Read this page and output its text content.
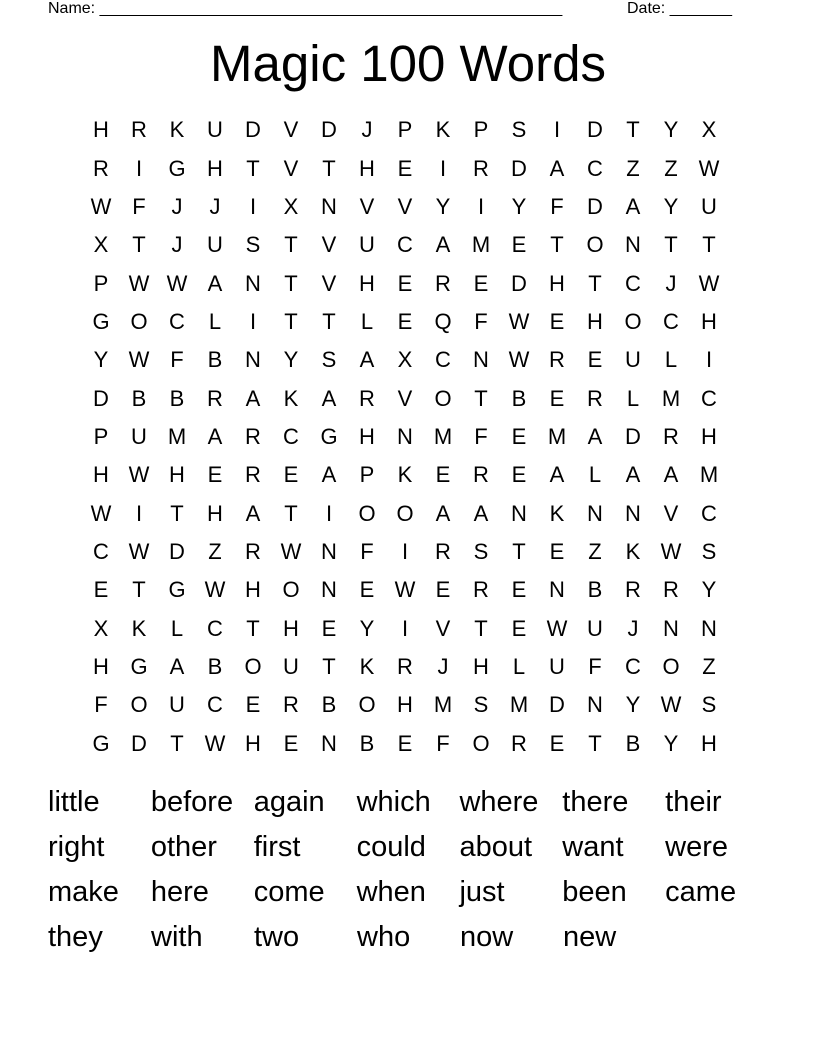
Name: ____________________________________________________	Date: _______
Magic 100 Words
H	R	K	U	D	V	D	J	P	K	P	S	I	D	T	Y	X
R	I	G H	T	V	T	H	E	I	R	D	A	C	Z	Z W
W F	J	J	I	X	N	V	V	Y	I	Y	F	D	A	Y	U
X	T	J	U	S	T	V	U	C	A M E	T	O N	T	T
P W W A	N	T	V	H	E	R	E	D	H	T	C	J	W
G O C	L	I	T	T	L	E	Q	F W E	H O C	H
Y W F	B	N	Y	S	A	X	C	N W R	E	U	L	I
D	B	B	R	A	K	A	R	V	O	T	B	E	R	L	M C
P	U M A	R	C G H	N M	F	E M A	D	R	H
H W H	E	R	E	A	P	K	E	R	E	A	L	A	A M
W	I	T	H	A	T	I	O O	A	A	N	K	N	N	V	C
C W D	Z	R W N	F	I	R	S	T	E	Z	K W S
E	T	G W H O N	E W E	R	E	N	B	R	R	Y
X	K	L	C	T	H	E	Y	I	V	T	E W U	J	N	N
H G	A	B	O U	T	K	R	J	H	L	U	F	C O	Z
F	O U	C	E	R	B	O H M S M D	N	Y W S
G D	T W H	E	N	B	E	F	O R	E	T	B	Y	H
little	before again	which where there	their
right	other	first	could	about	want	were
make	here	come	when	just	been	came
they	with	two	who	now	new
